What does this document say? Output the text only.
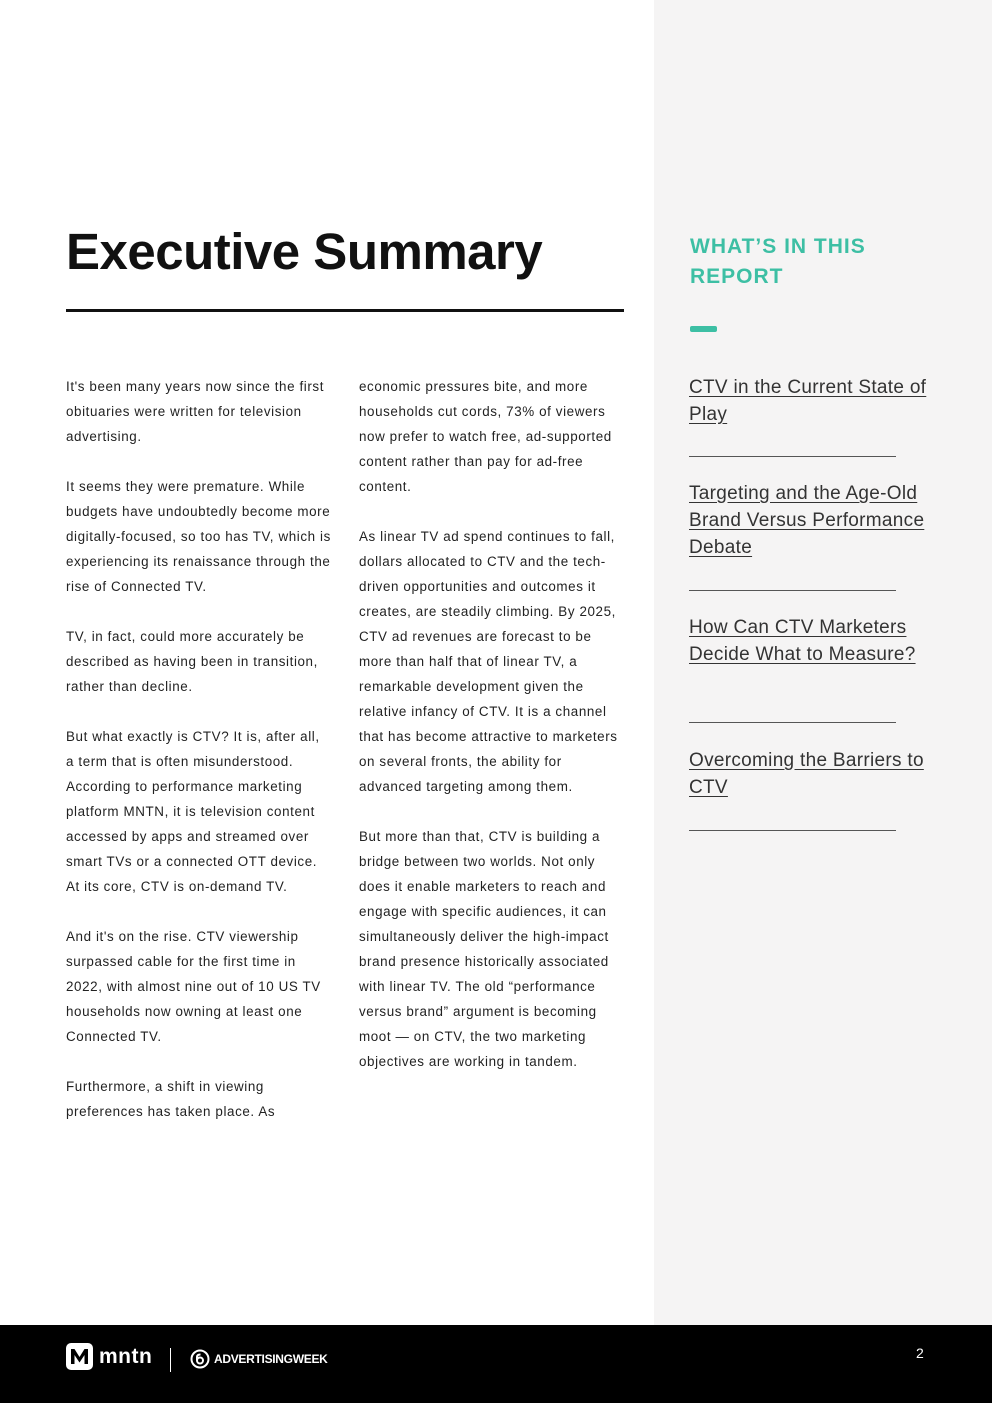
Executive Summary

It's been many years now since the first obituaries were written for television advertising.

It seems they were premature. While budgets have undoubtedly become more digitally-focused, so too has TV, which is experiencing its renaissance through the rise of Connected TV.

TV, in fact, could more accurately be described as having been in transition, rather than decline.

But what exactly is CTV? It is, after all, a term that is often misunderstood. According to performance marketing platform MNTN, it is television content accessed by apps and streamed over smart TVs or a connected OTT device. At its core, CTV is on-demand TV.

And it's on the rise. CTV viewership surpassed cable for the first time in 2022, with almost nine out of 10 US TV households now owning at least one Connected TV.

Furthermore, a shift in viewing preferences has taken place. As

economic pressures bite, and more households cut cords, 73% of viewers now prefer to watch free, ad-supported content rather than pay for ad-free content.

As linear TV ad spend continues to fall, dollars allocated to CTV and the tech-driven opportunities and outcomes it creates, are steadily climbing. By 2025, CTV ad revenues are forecast to be more than half that of linear TV, a remarkable development given the relative infancy of CTV. It is a channel that has become attractive to marketers on several fronts, the ability for advanced targeting among them.

But more than that, CTV is building a bridge between two worlds. Not only does it enable marketers to reach and engage with specific audiences, it can simultaneously deliver the high-impact brand presence historically associated with linear TV. The old “performance versus brand” argument is becoming moot — on CTV, the two marketing objectives are working in tandem.

WHAT’S IN THIS REPORT
CTV in the Current State of Play
Targeting and the Age-Old Brand Versus Performance Debate
How Can CTV Marketers Decide What to Measure?
Overcoming the Barriers to CTV
mntn	ADVERTISINGWEEK	2
